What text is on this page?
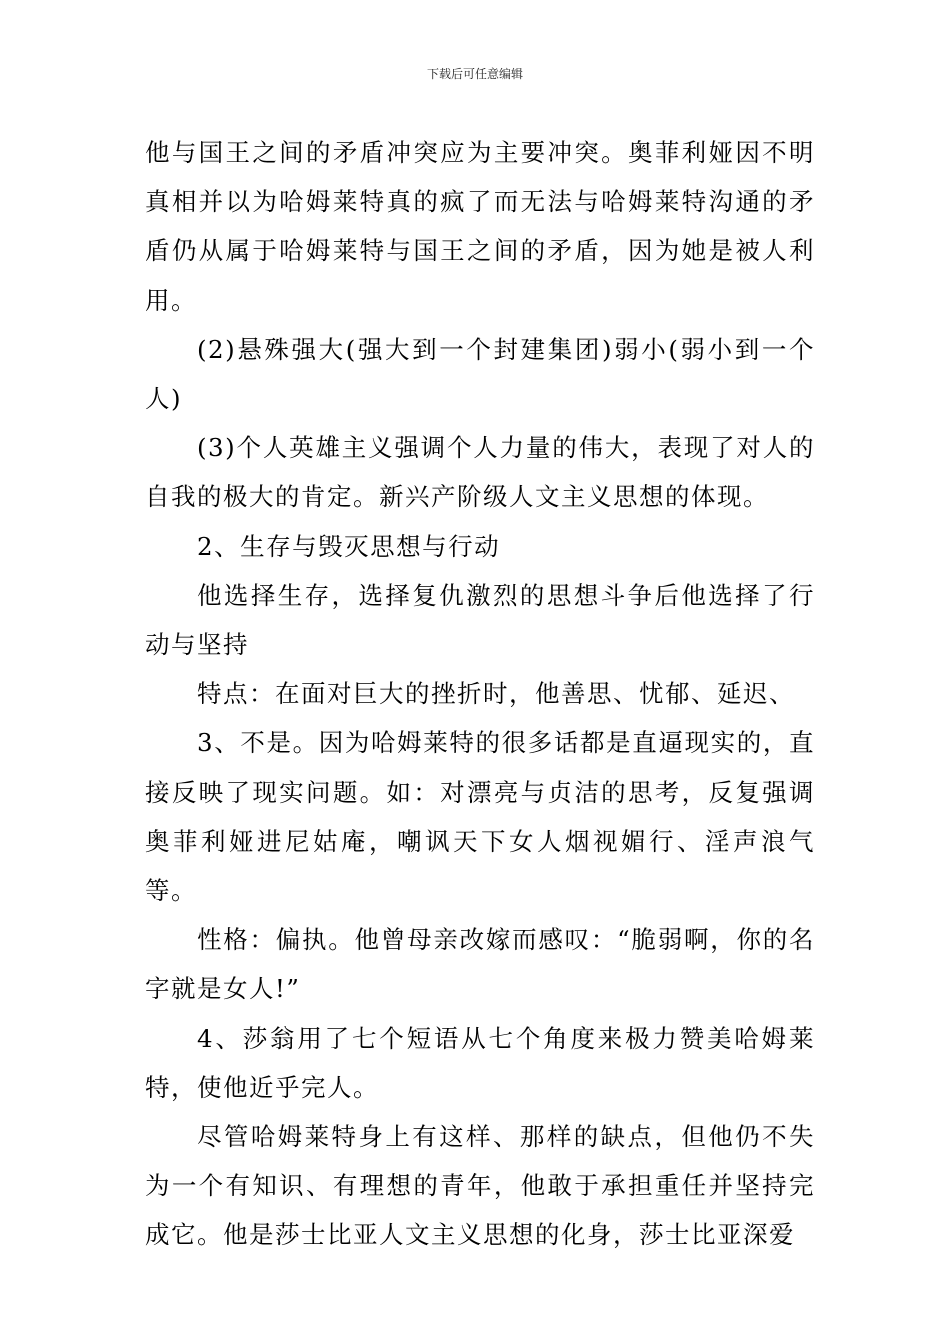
下载后可任意编辑

他与国王之间的矛盾冲突应为主要冲突。奥菲利娅因不明真相并以为哈姆莱特真的疯了而无法与哈姆莱特沟通的矛盾仍从属于哈姆莱特与国王之间的矛盾，因为她是被人利用。

(2)悬殊强大(强大到一个封建集团)弱小(弱小到一个人)

(3)个人英雄主义强调个人力量的伟大，表现了对人的自我的极大的肯定。新兴产阶级人文主义思想的体现。

2、生存与毁灭思想与行动

他选择生存，选择复仇激烈的思想斗争后他选择了行动与坚持

特点：在面对巨大的挫折时，他善思、忧郁、延迟、

3、不是。因为哈姆莱特的很多话都是直逼现实的，直接反映了现实问题。如：对漂亮与贞洁的思考，反复强调奥菲利娅进尼姑庵，嘲讽天下女人烟视媚行、淫声浪气等。

性格：偏执。他曾母亲改嫁而感叹：“脆弱啊，你的名字就是女人!”

4、莎翁用了七个短语从七个角度来极力赞美哈姆莱特，使他近乎完人。

尽管哈姆莱特身上有这样、那样的缺点，但他仍不失为一个有知识、有理想的青年，他敢于承担重任并坚持完成它。他是莎士比亚人文主义思想的化身，莎士比亚深爱
